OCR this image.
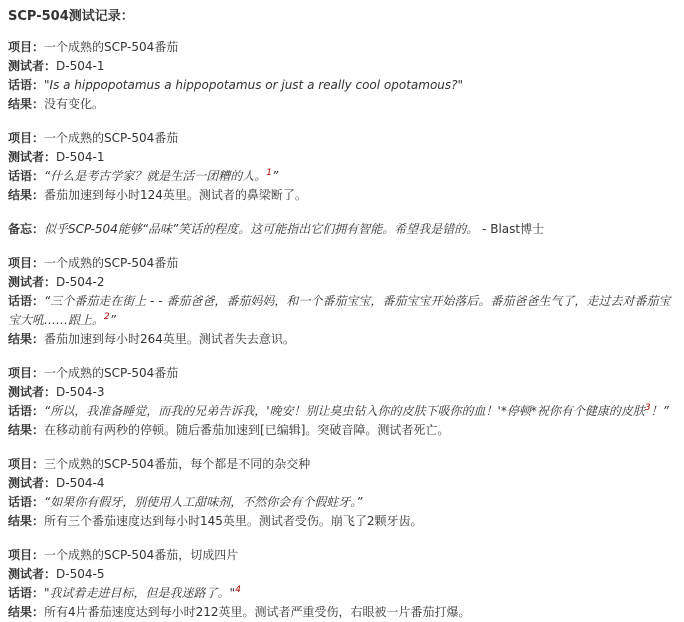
SCP-504测试记录：
项目：一个成熟的SCP-504番茄
测试者：D-504-1
话语："Is a hippopotamus a hippopotamus or just a really cool opotamous?"
结果：没有变化。
项目：一个成熟的SCP-504番茄
测试者：D-504-1
话语：“什么是考古学家？就是生活一团糟的人。$^1$”
结果：番茄加速到每小时124英里。测试者的鼻梁断了。
备忘：似乎SCP-504能够“品味”笑话的程度。这可能指出它们拥有智能。希望我是错的。 - Blast博士
项目：一个成熟的SCP-504番茄
测试者：D-504-2
话语：“三个番茄走在街上 - - 番茄爸爸，番茄妈妈，和一个番茄宝宝，番茄宝宝开始落后。番茄爸爸生气了，走过去对番茄宝宝大吼……跟上。$^2$”
结果：番茄加速到每小时264英里。测试者失去意识。
项目：一个成熟的SCP-504番茄
测试者：D-504-3
话语：“所以，我准备睡觉，而我的兄弟告诉我，'晚安！别让臭虫钻入你的皮肤下吸你的血！'*停顿*祝你有个健康的皮肤$^3$！”
结果：在移动前有两秒的停顿。随后番茄加速到[已编辑]。突破音障。测试者死亡。
项目：三个成熟的SCP-504番茄，每个都是不同的杂交种
测试者：D-504-4
话语：“如果你有假牙，别使用人工甜味剂，不然你会有个假蛀牙。”
结果：所有三个番茄速度达到每小时145英里。测试者受伤。崩飞了2颗牙齿。
项目：一个成熟的SCP-504番茄，切成四片
测试者：D-504-5
话语："我试着走进目标，但是我迷路了。"$^4$
结果：所有4片番茄速度达到每小时212英里。测试者严重受伤，右眼被一片番茄打爆。
